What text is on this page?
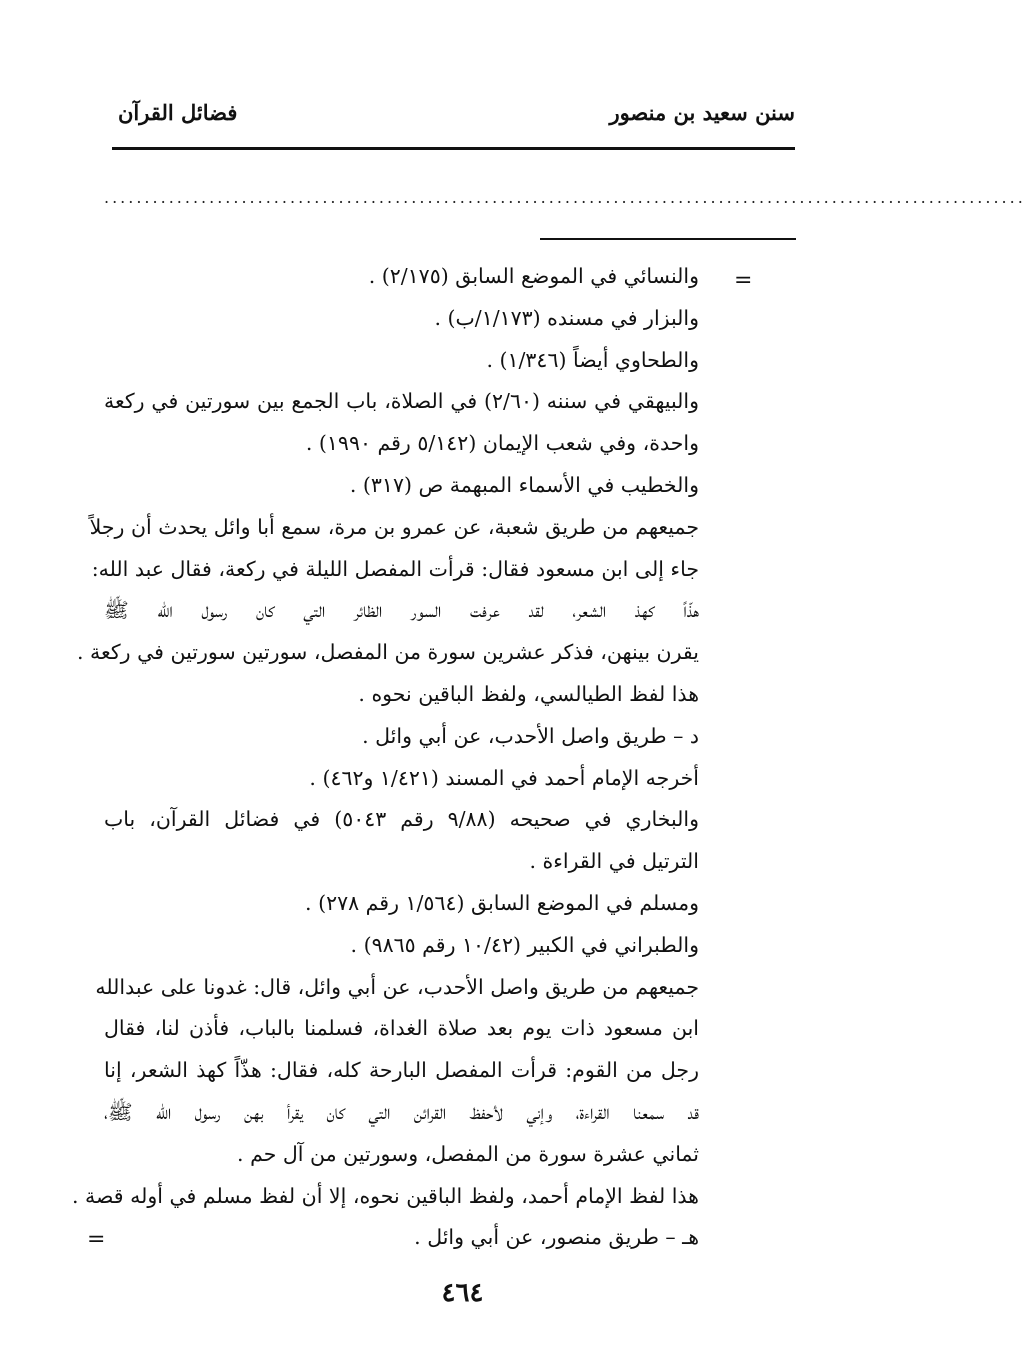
سنن سعيد بن منصور
فضائل القرآن
..................................................................................................................
=
والنسائي في الموضع السابق (٢/١٧٥) .
والبزار في مسنده (١/١٧٣/ب) .
والطحاوي أيضاً (١/٣٤٦) .
والبيهقي في سننه (٢/٦٠) في الصلاة، باب الجمع بين سورتين في ركعة
واحدة، وفي شعب الإيمان (٥/١٤٢ رقم ١٩٩٠) .
والخطيب في الأسماء المبهمة ص (٣١٧) .
جميعهم من طريق شعبة، عن عمرو بن مرة، سمع أبا وائل يحدث أن رجلاً
جاء إلى ابن مسعود فقال: قرأت المفصل الليلة في ركعة، فقال عبد الله:
هذّاً كهذ الشعر، لقد عرفت السور الظائر التي كان رسول الله ﷺ
يقرن بينهن، فذكر عشرين سورة من المفصل، سورتين سورتين في ركعة .
هذا لفظ الطيالسي، ولفظ الباقين نحوه .
د – طريق واصل الأحدب، عن أبي وائل .
أخرجه الإمام أحمد في المسند (١/٤٢١ و٤٦٢) .
والبخاري في صحيحه (٩/٨٨ رقم ٥٠٤٣) في فضائل القرآن، باب
الترتيل في القراءة .
ومسلم في الموضع السابق (١/٥٦٤ رقم ٢٧٨) .
والطبراني في الكبير (١٠/٤٢ رقم ٩٨٦٥) .
جميعهم من طريق واصل الأحدب، عن أبي وائل، قال: غدونا على عبدالله
ابن مسعود ذات يوم بعد صلاة الغداة، فسلمنا بالباب، فأذن لنا، فقال
رجل من القوم: قرأت المفصل البارحة كله، فقال: هذّاً كهذ الشعر، إنا
قد سمعنا القراءة، وإني لأحفظ القرائن التي كان يقرأ بهن رسول الله ﷺ،
ثماني عشرة سورة من المفصل، وسورتين من آل حم .
هذا لفظ الإمام أحمد، ولفظ الباقين نحوه، إلا أن لفظ مسلم في أوله قصة .
هـ – طريق منصور، عن أبي وائل .
=
٤٦٤
